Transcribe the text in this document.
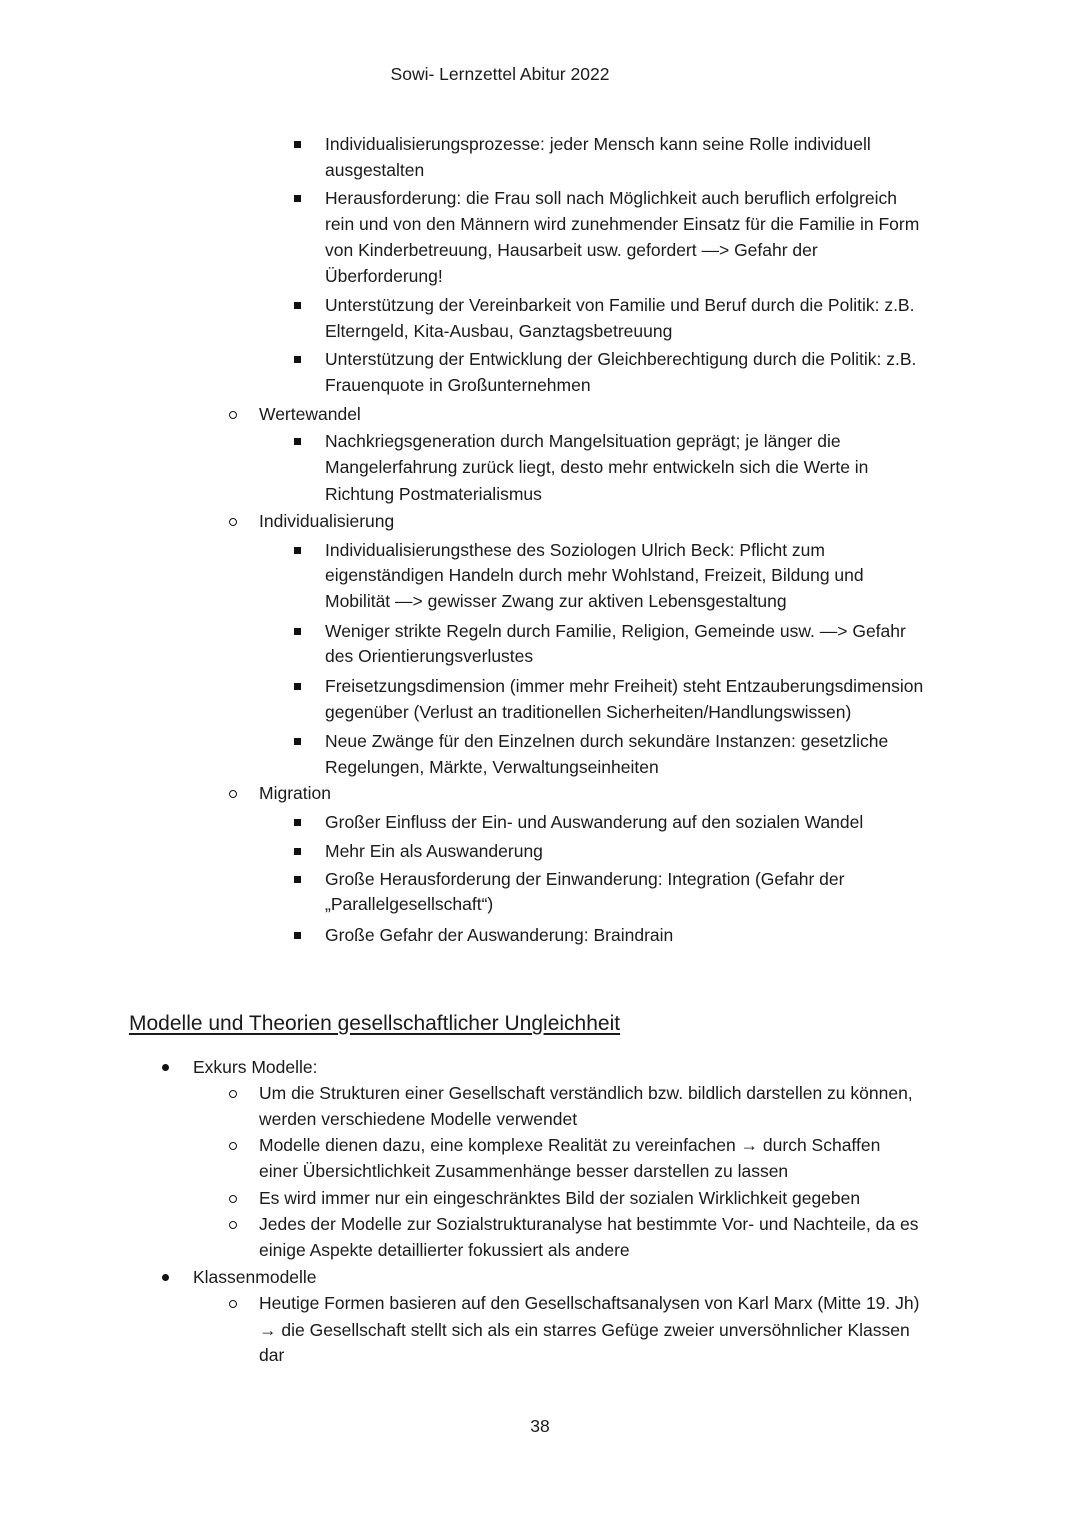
Sowi- Lernzettel Abitur 2022
Individualisierungsprozesse: jeder Mensch kann seine Rolle individuell
ausgestalten
Herausforderung: die Frau soll nach Möglichkeit auch beruflich erfolgreich
rein und von den Männern wird zunehmender Einsatz für die Familie in Form
von Kinderbetreuung, Hausarbeit usw. gefordert —> Gefahr der
Überforderung!
Unterstützung der Vereinbarkeit von Familie und Beruf durch die Politik: z.B.
Elterngeld, Kita-Ausbau, Ganztagsbetreuung
Unterstützung der Entwicklung der Gleichberechtigung durch die Politik: z.B.
Frauenquote in Großunternehmen
Wertewandel
Nachkriegsgeneration durch Mangelsituation geprägt; je länger die
Mangelerfahrung zurück liegt, desto mehr entwickeln sich die Werte in
Richtung Postmaterialismus
Individualisierung
Individualisierungsthese des Soziologen Ulrich Beck: Pflicht zum
eigenständigen Handeln durch mehr Wohlstand, Freizeit, Bildung und
Mobilität —> gewisser Zwang zur aktiven Lebensgestaltung
Weniger strikte Regeln durch Familie, Religion, Gemeinde usw. —> Gefahr
des Orientierungsverlustes
Freisetzungsdimension (immer mehr Freiheit) steht Entzauberungsdimension
gegenüber (Verlust an traditionellen Sicherheiten/Handlungswissen)
Neue Zwänge für den Einzelnen durch sekundäre Instanzen: gesetzliche
Regelungen, Märkte, Verwaltungseinheiten
Migration
Großer Einfluss der Ein- und Auswanderung auf den sozialen Wandel
Mehr Ein als Auswanderung
Große Herausforderung der Einwanderung: Integration (Gefahr der
„Parallelgesellschaft“)
Große Gefahr der Auswanderung: Braindrain
Modelle und Theorien gesellschaftlicher Ungleichheit
Exkurs Modelle:
Um die Strukturen einer Gesellschaft verständlich bzw. bildlich darstellen zu können,
werden verschiedene Modelle verwendet
Modelle dienen dazu, eine komplexe Realität zu vereinfachen → durch Schaffen
einer Übersichtlichkeit Zusammenhänge besser darstellen zu lassen
Es wird immer nur ein eingeschränktes Bild der sozialen Wirklichkeit gegeben
Jedes der Modelle zur Sozialstrukturanalyse hat bestimmte Vor- und Nachteile, da es
einige Aspekte detaillierter fokussiert als andere
Klassenmodelle
Heutige Formen basieren auf den Gesellschaftsanalysen von Karl Marx (Mitte 19. Jh)
→ die Gesellschaft stellt sich als ein starres Gefüge zweier unversöhnlicher Klassen
dar
38
